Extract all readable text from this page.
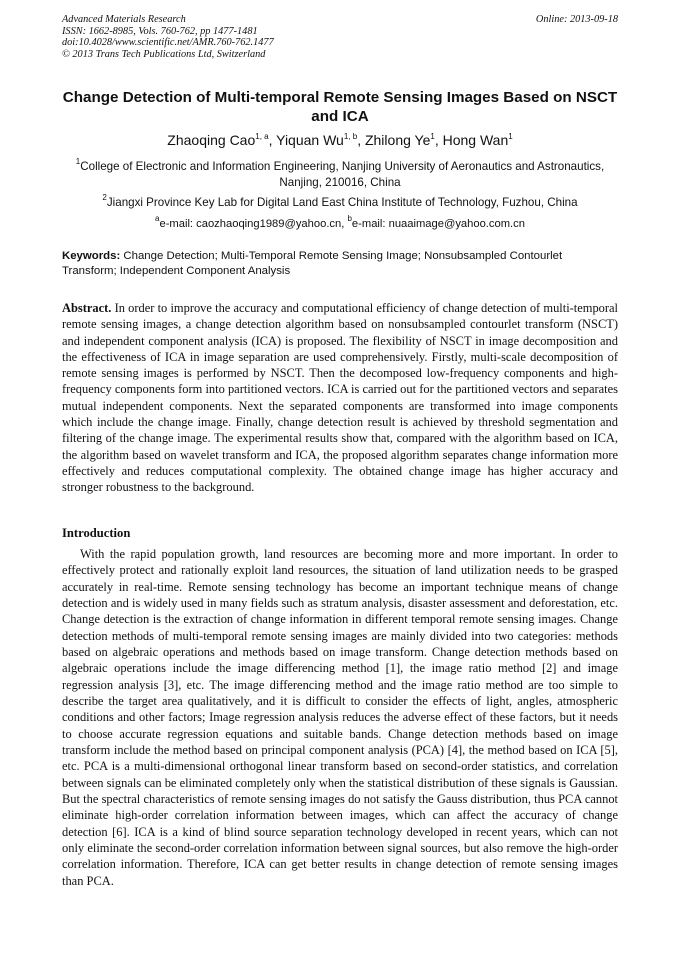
Advanced Materials Research
ISSN: 1662-8985, Vols. 760-762, pp 1477-1481
doi:10.4028/www.scientific.net/AMR.760-762.1477
© 2013 Trans Tech Publications Ltd, Switzerland
Online: 2013-09-18
Change Detection of Multi-temporal Remote Sensing Images Based on NSCT and ICA
Zhaoqing Cao$^{1, a}$, Yiquan Wu$^{1, b}$, Zhilong Ye$^1$, Hong Wan$^1$
$^1$College of Electronic and Information Engineering, Nanjing University of Aeronautics and Astronautics, Nanjing, 210016, China
$^2$Jiangxi Province Key Lab for Digital Land East China Institute of Technology, Fuzhou, China
$^a$e-mail: caozhaoqing1989@yahoo.cn, $^b$e-mail: nuaaimage@yahoo.com.cn
Keywords: Change Detection; Multi-Temporal Remote Sensing Image; Nonsubsampled Contourlet Transform; Independent Component Analysis
Abstract. In order to improve the accuracy and computational efficiency of change detection of multi-temporal remote sensing images, a change detection algorithm based on nonsubsampled contourlet transform (NSCT) and independent component analysis (ICA) is proposed. The flexibility of NSCT in image decomposition and the effectiveness of ICA in image separation are used comprehensively. Firstly, multi-scale decomposition of remote sensing images is performed by NSCT. Then the decomposed low-frequency components and high-frequency components form into partitioned vectors. ICA is carried out for the partitioned vectors and separates mutual independent components. Next the separated components are transformed into image components which include the change image. Finally, change detection result is achieved by threshold segmentation and filtering of the change image. The experimental results show that, compared with the algorithm based on ICA, the algorithm based on wavelet transform and ICA, the proposed algorithm separates change information more effectively and reduces computational complexity. The obtained change image has higher accuracy and stronger robustness to the background.
Introduction
With the rapid population growth, land resources are becoming more and more important. In order to effectively protect and rationally exploit land resources, the situation of land utilization needs to be grasped accurately in real-time. Remote sensing technology has become an important technique means of change detection and is widely used in many fields such as stratum analysis, disaster assessment and deforestation, etc. Change detection is the extraction of change information in different temporal remote sensing images. Change detection methods of multi-temporal remote sensing images are mainly divided into two categories: methods based on algebraic operations and methods based on image transform. Change detection methods based on algebraic operations include the image differencing method [1], the image ratio method [2] and image regression analysis [3], etc. The image differencing method and the image ratio method are too simple to describe the target area qualitatively, and it is difficult to consider the effects of light, angles, atmospheric conditions and other factors; Image regression analysis reduces the adverse effect of these factors, but it needs to choose accurate regression equations and suitable bands. Change detection methods based on image transform include the method based on principal component analysis (PCA) [4], the method based on ICA [5], etc. PCA is a multi-dimensional orthogonal linear transform based on second-order statistics, and correlation between signals can be eliminated completely only when the statistical distribution of these signals is Gaussian. But the spectral characteristics of remote sensing images do not satisfy the Gauss distribution, thus PCA cannot eliminate high-order correlation information between images, which can affect the accuracy of change detection [6]. ICA is a kind of blind source separation technology developed in recent years, which can not only eliminate the second-order correlation information between signal sources, but also remove the high-order correlation information. Therefore, ICA can get better results in change detection of remote sensing images than PCA.
